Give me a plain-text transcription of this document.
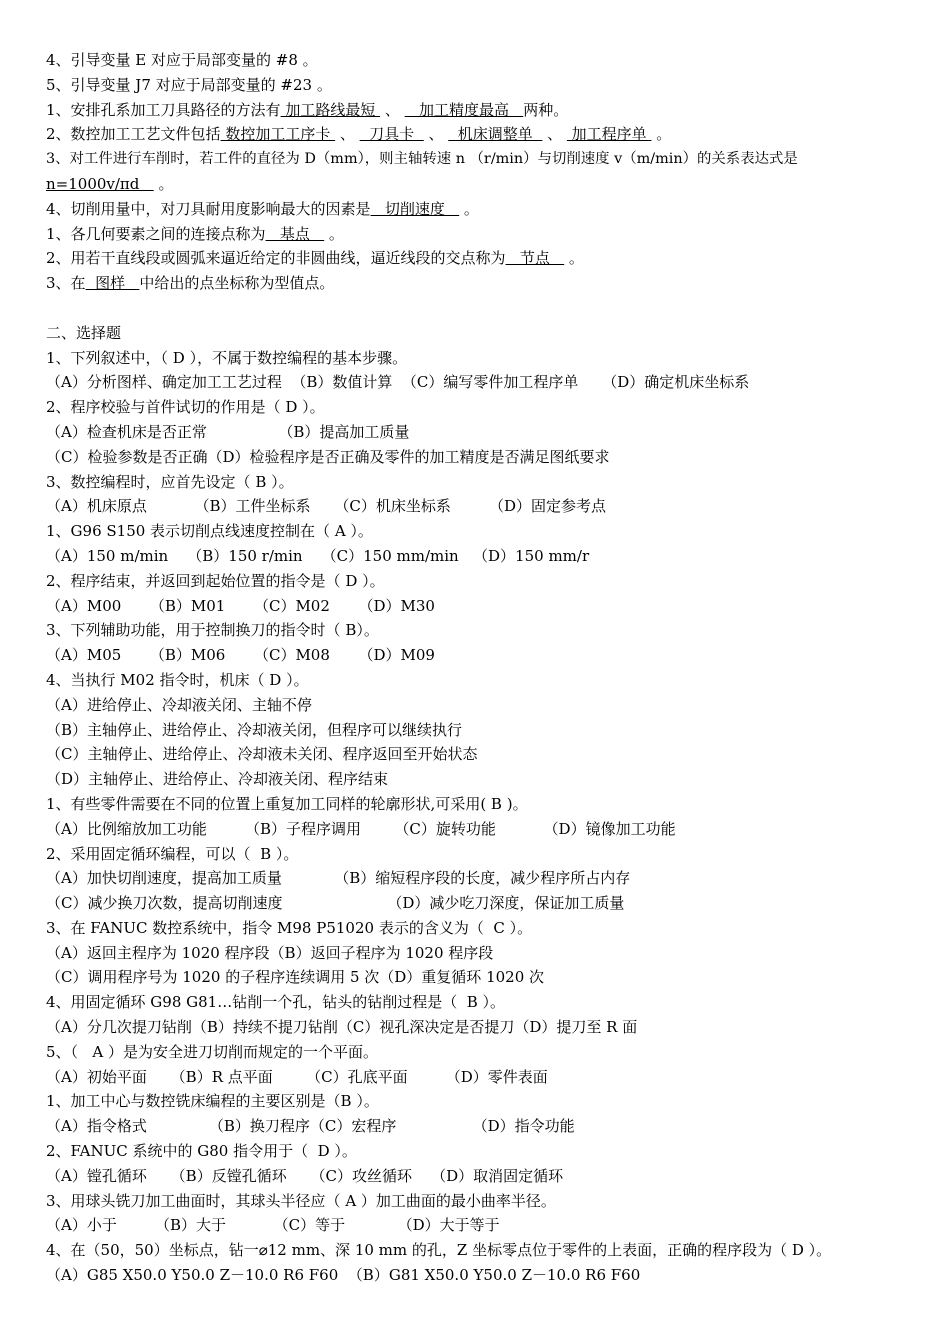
4、引导变量 E 对应于局部变量的 #8 。
5、引导变量 J7 对应于局部变量的 #23 。
1、安排孔系加工刀具路径的方法有 加工路线最短  、    加工精度最高   两种。
2、数控加工工艺文件包括 数控加工工序卡  、   刀具卡   、   机床调整单   、  加工程序单  。
3、对工件进行车削时，若工件的直径为 D（mm），则主轴转速 n （r/min）与切削速度 v（m/min）的关系表达式是
n=1000v/πd    。
4、切削用量中，对刀具耐用度影响最大的因素是   切削速度    。
1、各几何要素之间的连接点称为   基点    。
2、用若干直线段或圆弧来逼近给定的非圆曲线，逼近线段的交点称为   节点    。
3、在  图样   中给出的点坐标称为型值点。
二、选择题
1、下列叙述中，（ D ），不属于数控编程的基本步骤。
（A）分析图样、确定加工工艺过程  （B）数值计算  （C）编写零件加工程序单     （D）确定机床坐标系
2、程序校验与首件试切的作用是（ D ）。
（A）检查机床是否正常               （B）提高加工质量
（C）检验参数是否正确（D）检验程序是否正确及零件的加工精度是否满足图纸要求
3、数控编程时，应首先设定（ B ）。
（A）机床原点          （B）工件坐标系     （C）机床坐标系        （D）固定参考点
1、G96 S150 表示切削点线速度控制在（ A ）。
（A）150 m/min    （B）150 r/min    （C）150 mm/min   （D）150 mm/r
2、程序结束，并返回到起始位置的指令是（ D ）。
（A）M00      （B）M01      （C）M02      （D）M30
3、下列辅助功能，用于控制换刀的指令时（ B）。
（A）M05      （B）M06      （C）M08      （D）M09
4、当执行 M02 指令时，机床（ D ）。
（A）进给停止、冷却液关闭、主轴不停
（B）主轴停止、进给停止、冷却液关闭，但程序可以继续执行
（C）主轴停止、进给停止、冷却液未关闭、程序返回至开始状态
（D）主轴停止、进给停止、冷却液关闭、程序结束
1、有些零件需要在不同的位置上重复加工同样的轮廓形状,可采用( B )。
（A）比例缩放加工功能        （B）子程序调用       （C）旋转功能          （D）镜像加工功能
2、采用固定循环编程，可以（  B ）。
（A）加快切削速度，提高加工质量           （B）缩短程序段的长度，减少程序所占内存
（C）减少换刀次数，提高切削速度                      （D）减少吃刀深度，保证加工质量
3、在 FANUC 数控系统中，指令 M98 P51020 表示的含义为（  C ）。
（A）返回主程序为 1020 程序段（B）返回子程序为 1020 程序段
（C）调用程序号为 1020 的子程序连续调用 5 次（D）重复循环 1020 次
4、用固定循环 G98 G81…钻削一个孔，钻头的钻削过程是（  B ）。
（A）分几次提刀钻削（B）持续不提刀钻削（C）视孔深决定是否提刀（D）提刀至 R 面
5、（   A ）是为安全进刀切削而规定的一个平面。
（A）初始平面     （B）R 点平面       （C）孔底平面        （D）零件表面
1、加工中心与数控铣床编程的主要区别是（B ）。
（A）指令格式             （B）换刀程序（C）宏程序                （D）指令功能
2、FANUC 系统中的 G80 指令用于（  D ）。
（A）镗孔循环     （B）反镗孔循环     （C）攻丝循环    （D）取消固定循环
3、用球头铣刀加工曲面时，其球头半径应（ A ）加工曲面的最小曲率半径。
（A）小于        （B）大于          （C）等于           （D）大于等于
4、在（50，50）坐标点，钻一⌀12 mm、深 10 mm 的孔，Z 坐标零点位于零件的上表面，正确的程序段为（ D ）。
（A）G85 X50.0 Y50.0 Z－10.0 R6 F60  （B）G81 X50.0 Y50.0 Z－10.0 R6 F60
